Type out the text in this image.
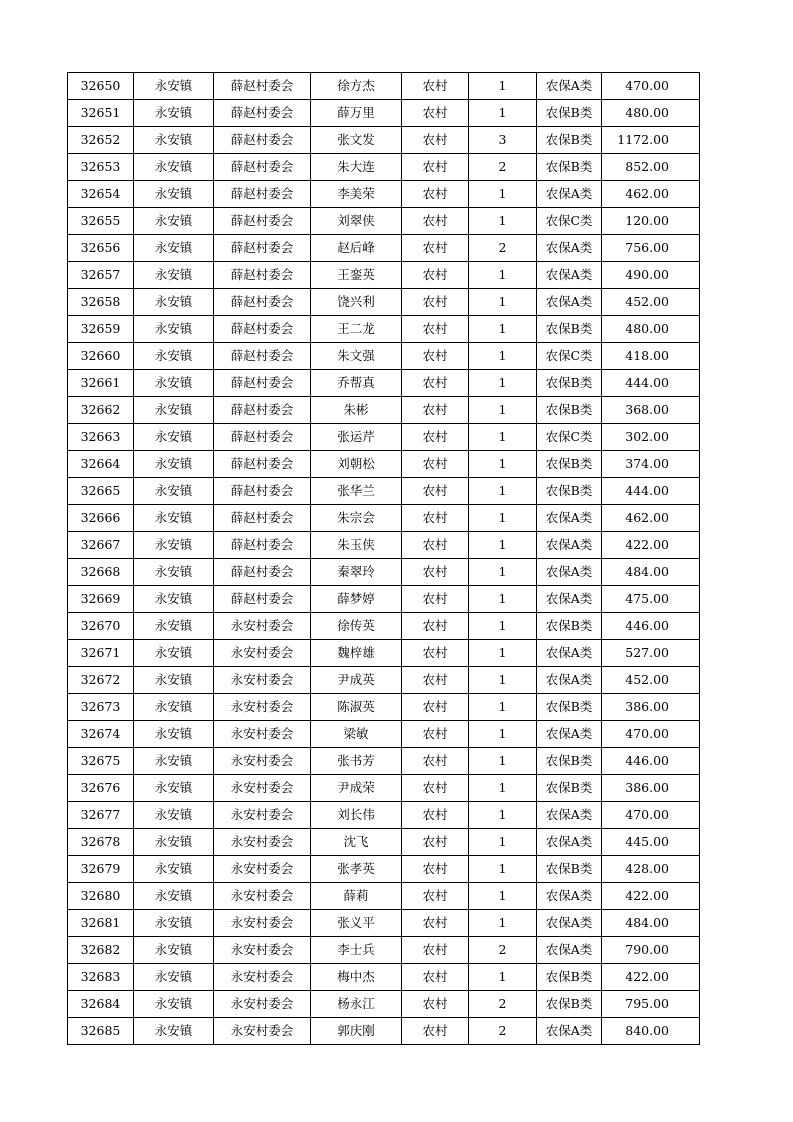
32650	永安镇	薛赵村委会	徐方杰	农村	1	农保A类	470.00
32651	永安镇	薛赵村委会	薛万里	农村	1	农保B类	480.00
32652	永安镇	薛赵村委会	张文发	农村	3	农保B类	1172.00
32653	永安镇	薛赵村委会	朱大连	农村	2	农保B类	852.00
32654	永安镇	薛赵村委会	李美荣	农村	1	农保A类	462.00
32655	永安镇	薛赵村委会	刘翠侠	农村	1	农保C类	120.00
32656	永安镇	薛赵村委会	赵后峰	农村	2	农保A类	756.00
32657	永安镇	薛赵村委会	王銮英	农村	1	农保A类	490.00
32658	永安镇	薛赵村委会	饶兴利	农村	1	农保A类	452.00
32659	永安镇	薛赵村委会	王二龙	农村	1	农保B类	480.00
32660	永安镇	薛赵村委会	朱文强	农村	1	农保C类	418.00
32661	永安镇	薛赵村委会	乔帮真	农村	1	农保B类	444.00
32662	永安镇	薛赵村委会	朱彬	农村	1	农保B类	368.00
32663	永安镇	薛赵村委会	张运芹	农村	1	农保C类	302.00
32664	永安镇	薛赵村委会	刘朝松	农村	1	农保B类	374.00
32665	永安镇	薛赵村委会	张华兰	农村	1	农保B类	444.00
32666	永安镇	薛赵村委会	朱宗会	农村	1	农保A类	462.00
32667	永安镇	薛赵村委会	朱玉侠	农村	1	农保A类	422.00
32668	永安镇	薛赵村委会	秦翠玲	农村	1	农保A类	484.00
32669	永安镇	薛赵村委会	薛梦婷	农村	1	农保A类	475.00
32670	永安镇	永安村委会	徐传英	农村	1	农保B类	446.00
32671	永安镇	永安村委会	魏梓雄	农村	1	农保A类	527.00
32672	永安镇	永安村委会	尹成英	农村	1	农保A类	452.00
32673	永安镇	永安村委会	陈淑英	农村	1	农保B类	386.00
32674	永安镇	永安村委会	梁敏	农村	1	农保A类	470.00
32675	永安镇	永安村委会	张书芳	农村	1	农保B类	446.00
32676	永安镇	永安村委会	尹成荣	农村	1	农保B类	386.00
32677	永安镇	永安村委会	刘长伟	农村	1	农保A类	470.00
32678	永安镇	永安村委会	沈飞	农村	1	农保A类	445.00
32679	永安镇	永安村委会	张孝英	农村	1	农保B类	428.00
32680	永安镇	永安村委会	薛莉	农村	1	农保A类	422.00
32681	永安镇	永安村委会	张义平	农村	1	农保A类	484.00
32682	永安镇	永安村委会	李士兵	农村	2	农保A类	790.00
32683	永安镇	永安村委会	梅中杰	农村	1	农保B类	422.00
32684	永安镇	永安村委会	杨永江	农村	2	农保B类	795.00
32685	永安镇	永安村委会	郭庆刚	农村	2	农保A类	840.00
